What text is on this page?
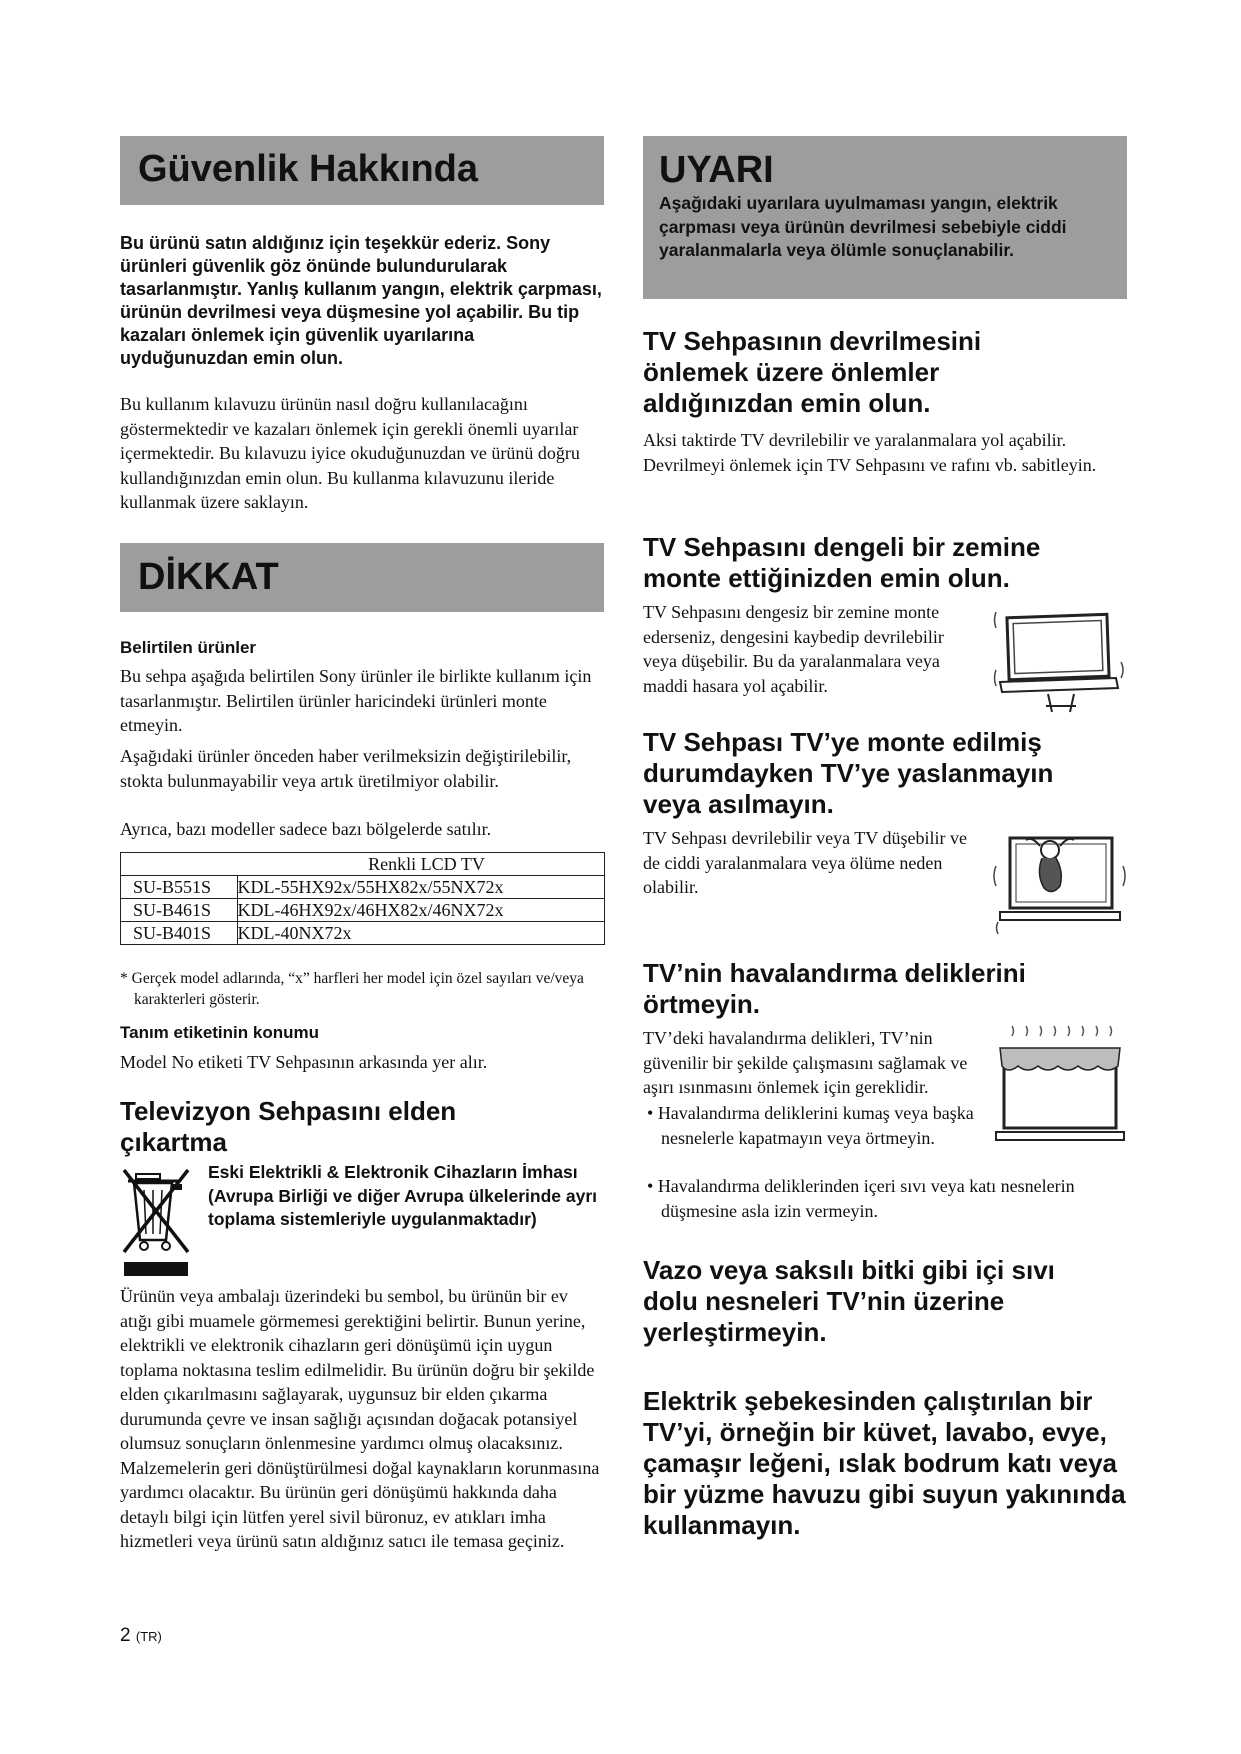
Güvenlik Hakkında

Bu ürünü satın aldığınız için teşekkür ederiz. Sony ürünleri güvenlik göz önünde bulundurularak tasarlanmıştır. Yanlış kullanım yangın, elektrik çarpması, ürünün devrilmesi veya düşmesine yol açabilir. Bu tip kazaları önlemek için güvenlik uyarılarına uyduğunuzdan emin olun.

Bu kullanım kılavuzu ürünün nasıl doğru kullanılacağını göstermektedir ve kazaları önlemek için gerekli önemli uyarılar içermektedir. Bu kılavuzu iyice okuduğunuzdan ve ürünü doğru kullandığınızdan emin olun. Bu kullanma kılavuzunu ileride kullanmak üzere saklayın.

DİKKAT
Belirtilen ürünler

Bu sehpa aşağıda belirtilen Sony ürünler ile birlikte kullanım için tasarlanmıştır. Belirtilen ürünler haricindeki ürünleri monte etmeyin.

Aşağıdaki ürünler önceden haber verilmeksizin değiştirilebilir, stokta bulunmayabilir veya artık üretilmiyor olabilir.

Ayrıca, bazı modeller sadece bazı bölgelerde satılır.

	Renkli LCD TV
SU-B551S	KDL-55HX92x/55HX82x/55NX72x
SU-B461S	KDL-46HX92x/46HX82x/46NX72x
SU-B401S	KDL-40NX72x

* Gerçek model adlarında, “x” harfleri her model için özel sayıları ve/veya karakterleri gösterir.

Tanım etiketinin konumu

Model No etiketi TV Sehpasının arkasında yer alır.

Televizyon Sehpasını elden çıkartma

Eski Elektrikli & Elektronik Cihazların İmhası (Avrupa Birliği ve diğer Avrupa ülkelerinde ayrı toplama sistemleriyle uygulanmaktadır)

Ürünün veya ambalajı üzerindeki bu sembol, bu ürünün bir ev atığı gibi muamele görmemesi gerektiğini belirtir. Bunun yerine, elektrikli ve elektronik cihazların geri dönüşümü için uygun toplama noktasına teslim edilmelidir. Bu ürünün doğru bir şekilde elden çıkarılmasını sağlayarak, uygunsuz bir elden çıkarma durumunda çevre ve insan sağlığı açısından doğacak potansiyel olumsuz sonuçların önlenmesine yardımcı olmuş olacaksınız. Malzemelerin geri dönüştürülmesi doğal kaynakların korunmasına yardımcı olacaktır. Bu ürünün geri dönüşümü hakkında daha detaylı bilgi için lütfen yerel sivil büronuz, ev atıkları imha hizmetleri veya ürünü satın aldığınız satıcı ile temasa geçiniz.

2 (TR)
UYARI

Aşağıdaki uyarılara uyulmaması yangın, elektrik çarpması veya ürünün devrilmesi sebebiyle ciddi yaralanmalarla veya ölümle sonuçlanabilir.

TV Sehpasının devrilmesini önlemek üzere önlemler aldığınızdan emin olun.

Aksi taktirde TV devrilebilir ve yaralanmalara yol açabilir. Devrilmeyi önlemek için TV Sehpasını ve rafını vb. sabitleyin.

TV Sehpasını dengeli bir zemine monte ettiğinizden emin olun.

TV Sehpasını dengesiz bir zemine monte ederseniz, dengesini kaybedip devrilebilir veya düşebilir. Bu da yaralanmalara veya maddi hasara yol açabilir.

TV Sehpası TV’ye monte edilmiş durumdayken TV’ye yaslanmayın veya asılmayın.

TV Sehpası devrilebilir veya TV düşebilir ve de ciddi yaralanmalara veya ölüme neden olabilir.

TV’nin havalandırma deliklerini örtmeyin.

TV’deki havalandırma delikleri, TV’nin güvenilir bir şekilde çalışmasını sağlamak ve aşırı ısınmasını önlemek için gereklidir.

• Havalandırma deliklerini kumaş veya başka nesnelerle kapatmayın veya örtmeyin.

• Havalandırma deliklerinden içeri sıvı veya katı nesnelerin düşmesine asla izin vermeyin.

Vazo veya saksılı bitki gibi içi sıvı dolu nesneleri TV’nin üzerine yerleştirmeyin.

Elektrik şebekesinden çalıştırılan bir TV’yi, örneğin bir küvet, lavabo, evye, çamaşır leğeni, ıslak bodrum katı veya bir yüzme havuzu gibi suyun yakınında kullanmayın.
